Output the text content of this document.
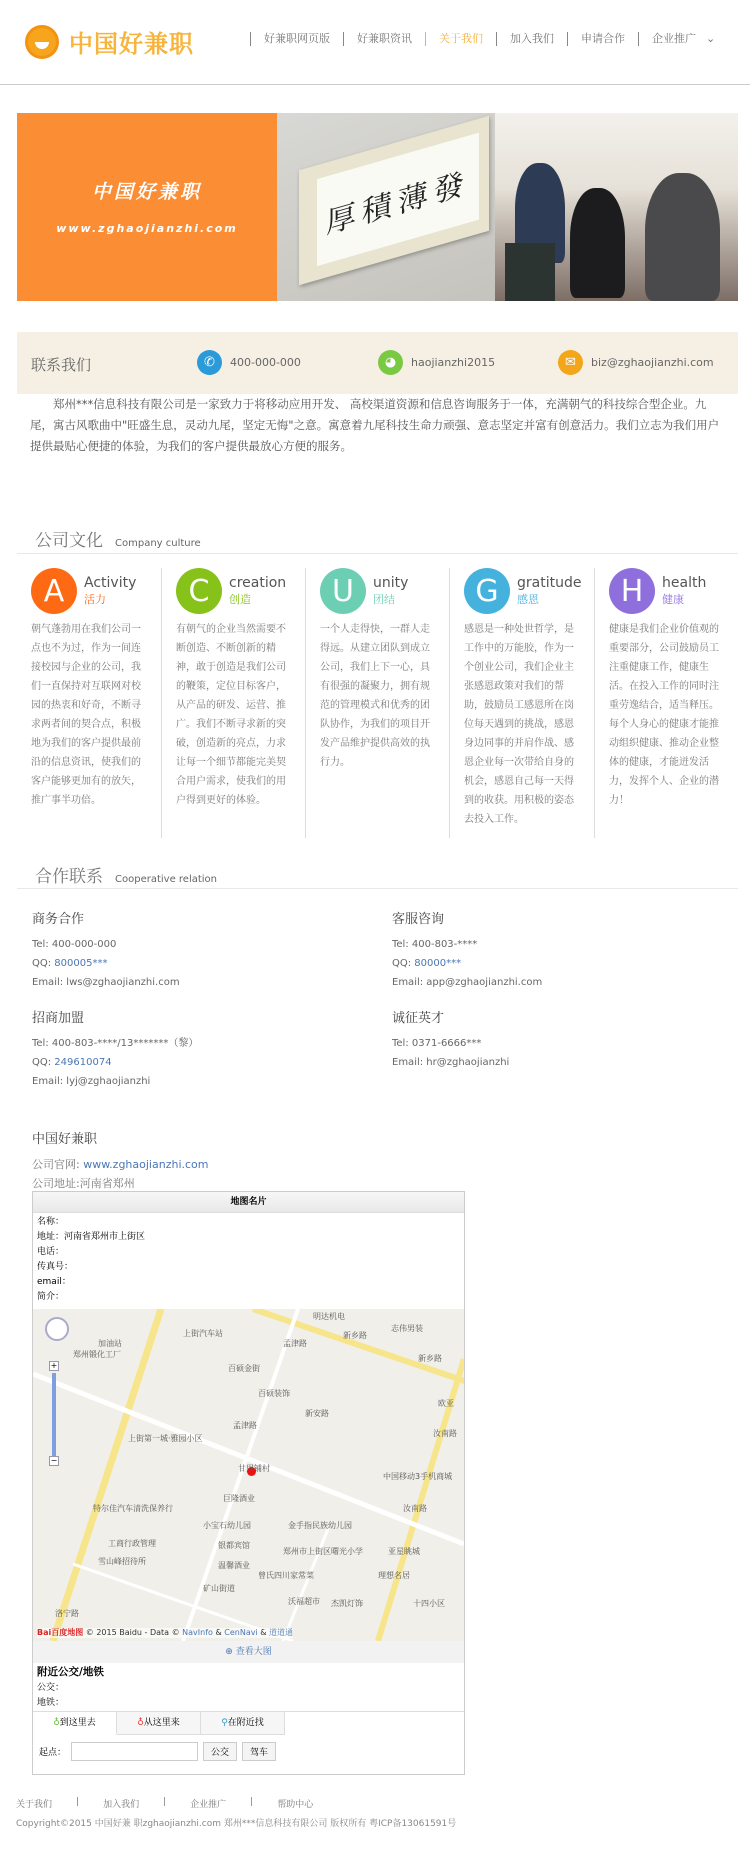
中国好兼职	好兼职网页版	好兼职资讯	关于我们	加入我们	申请合作	企业推广 ⌄
中国好兼职
www.zghaojianzhi.com	厚積薄發
联系我们	✆	400-000-000	◕	haojianzhi2015	✉	biz@zghaojianzhi.com

郑州***信息科技有限公司是一家致力于将移动应用开发、 高校渠道资源和信息咨询服务于一体，充满朝气的科技综合型企业。九尾，寓古风歌曲中"旺盛生息，灵动九尾，坚定无悔"之意。寓意着九尾科技生命力顽强、意志坚定并富有创意活力。我们立志为我们用户提供最贴心便捷的体验，为我们的客户提供最放心方便的服务。

公司文化 Company culture
A	Activity
活力

朝气蓬勃用在我们公司一点也不为过，作为一间连接校园与企业的公司，我们一直保持对互联网对校园的热衷和好奇，不断寻求两者间的契合点，积极地为我们的客户提供最前沿的信息资讯，使我们的客户能够更加有的放矢，推广事半功倍。

C	creation
创造

有朝气的企业当然需要不断创造、不断创新的精神，敢于创造是我们公司的鞭策，定位目标客户，从产品的研发、运营、推广。我们不断寻求新的突破，创造新的亮点，力求让每一个细节都能完美契合用户需求，使我们的用户得到更好的体验。

U	unity
团结

一个人走得快，一群人走得远。从建立团队到成立公司，我们上下一心，具有很强的凝聚力，拥有规范的管理模式和优秀的团队协作，为我们的项目开发产品维护提供高效的执行力。

G	gratitude
感恩

感恩是一种处世哲学，是工作中的万能胶，作为一个创业公司，我们企业主张感恩政策对我们的帮助，鼓励员工感恩所在岗位每天遇到的挑战，感恩身边同事的并肩作战、感恩企业每一次带给自身的机会，感恩自己每一天得到的收获。用积极的姿态去投入工作。

H	health
健康

健康是我们企业价值观的重要部分，公司鼓励员工注重健康工作，健康生活。在投入工作的同时注重劳逸结合，适当释压。每个人身心的健康才能推动组织健康、推动企业整体的健康，才能迸发活力，发挥个人、企业的潜力！

合作联系 Cooperative relation
商务合作
Tel: 400-000-000
QQ: 800005***
Email: lws@zghaojianzhi.com
客服咨询
Tel: 400-803-****
QQ: 80000***
Email: app@zghaojianzhi.com
招商加盟
Tel: 400-803-****/13*******（黎）
QQ: 249610074
Email: lyj@zghaojianzhi
诚征英才
Tel: 0371-6666***
Email: hr@zghaojianzhi
中国好兼职
公司官网: www.zghaojianzhi.com
公司地址:河南省郑州
地图名片
名称：
地址：河南省郑州市上街区
电话：
传真号：
email：
简介：
+
−
Bai百度地图 © 2015 Baidu - Data © NavInfo & CenNavi & 道道通
明达机电
志伟男装
上街汽车站
加油站
郑州锻化工厂
新乡路
新乡路
新安路
百硕金街
百硕装饰
孟津路
孟津路
上街第一城·雅园小区
甘里铺村
巨隆酒业
特尔佳汽车清洗保养行
小宝石幼儿园	金手指民族幼儿园
工商行政管理	银都宾馆
郑州市上街区曙光小学
雪山峰招待所	温馨酒业
汝南路
汝南路
矿山街道
曾氏四川家常菜
沃福超市 杰凯灯饰
理想名居
十四小区
亚星眺城
中国移动3手机商城
欧亚
洛宁路
⊕ 查看大图
附近公交/地铁
公交：
地铁：
♁到这里去	♁从这里来	⚲在附近找
起点：	公交	驾车
关于我们	|	加入我们	|	企业推广	|	帮助中心
Copyright©2015 中国好兼 职zghaojianzhi.com 郑州***信息科技有限公司 版权所有 粤ICP备13061591号
